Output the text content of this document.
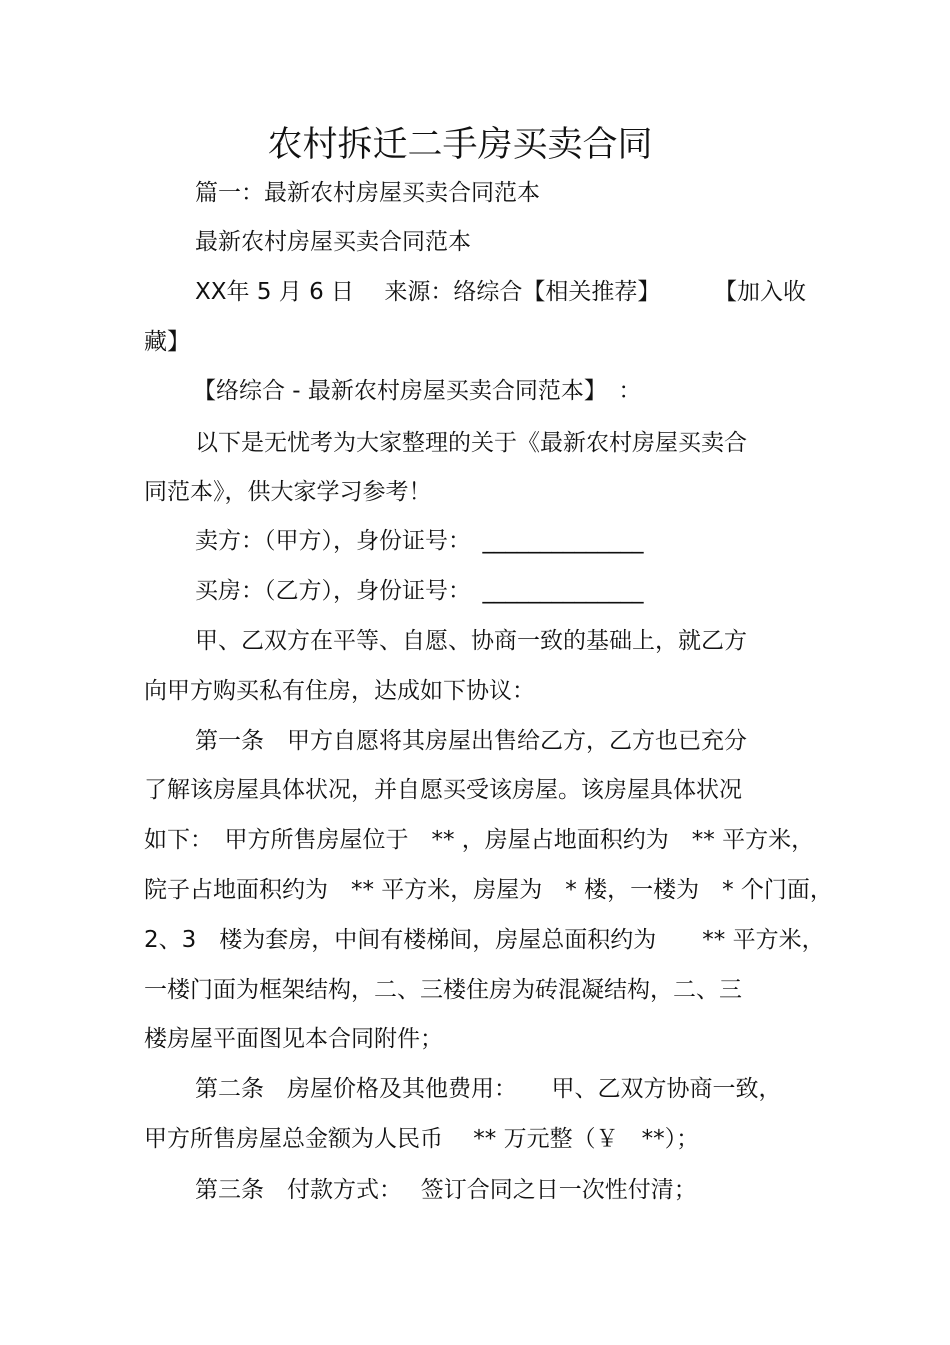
农村拆迁二手房买卖合同
篇一：最新农村房屋买卖合同范本
最新农村房屋买卖合同范本
XX年 5 月 6 日　 来源：络综合【相关推荐】 【加入收
藏】
【络综合 - 最新农村房屋买卖合同范本】　：
以下是无忧考为大家整理的关于《最新农村房屋买卖合
同范本》，供大家学习参考！
卖方：（甲方），身份证号：　______________
买房：（乙方），身份证号：　______________
甲、乙双方在平等、自愿、协商一致的基础上，就乙方
向甲方购买私有住房，达成如下协议：
第一条　甲方自愿将其房屋出售给乙方，乙方也已充分
了解该房屋具体状况，并自愿买受该房屋。该房屋具体状况
如下：　甲方所售房屋位于　** ，房屋占地面积约为　** 平方米，
院子占地面积约为　** 平方米，房屋为　* 楼，一楼为　* 个门面，
2、3　楼为套房，中间有楼梯间，房屋总面积约为　　** 平方米，
一楼门面为框架结构，二、三楼住房为砖混凝结构，二、三
楼房屋平面图见本合同附件；
第二条　房屋价格及其他费用：　　甲、乙双方协商一致，
甲方所售房屋总金额为人民币　 ** 万元整（￥　**）；
第三条　付款方式：　 签订合同之日一次性付清；
